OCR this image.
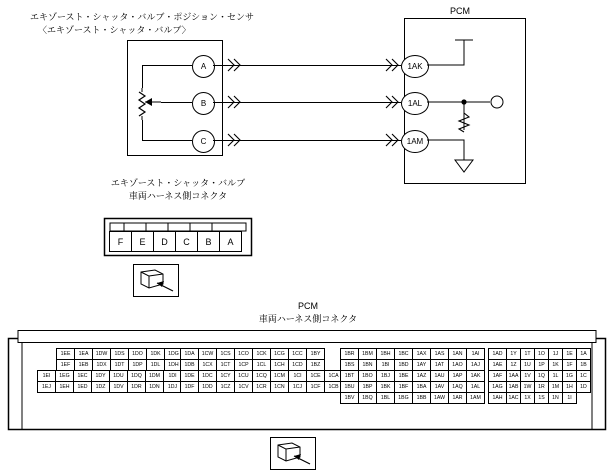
エキゾースト・シャッタ・バルブ・ポジション・センサ
〈エキゾースト・シャッタ・バルブ〉
PCM
A
B
C
1AK
1AL
1AM
エキゾースト・シャッタ・バルブ
車両ハーネス側コネクタ
F	E	D	C	B	A
PCM
車両ハーネス側コネクタ
1EE	1EA	1DW	1DS	1DO	1DK	1DG
1EF	1EB	1DX	1DT	1DP	1DL	1DH
1EI	1EG	1EC	1DY	1DU	1DQ	1DM	1DI
1EJ	1EH	1ED	1DZ	1DV	1DR	1DN	1DJ
1DA	1CW	1CS	1CO	1CK	1CG	1CC	1BY
1DB	1CX	1CT	1CP	1CL	1CH	1CD	1BZ
1DE	1DC	1CY	1CU	1CQ	1CM	1CI	1CE	1CA
1DF	1DD	1CZ	1CV	1CR	1CN	1CJ	1CF	1CB
1BR	1BM	1BH	1BC	1AX	1AS	1AN	1AI
1BS	1BN	1BI	1BD	1AY	1AT	1AO	1AJ
1BT	1BO	1BJ	1BE	1AZ	1AU	1AP	1AK
1BU	1BP	1BK	1BF	1BA	1AV	1AQ	1AL
1BV	1BQ	1BL	1BG	1BB	1AW	1AR	1AM
1AD	1Y	1T	1O	1J	1E	1A
1AE	1Z	1U	1P	1K	1F	1B
1AF	1AA	1V	1Q	1L	1G	1C
1AG	1AB	1W	1R	1M	1H	1D
1AH	1AC	1X	1S	1N	1I
